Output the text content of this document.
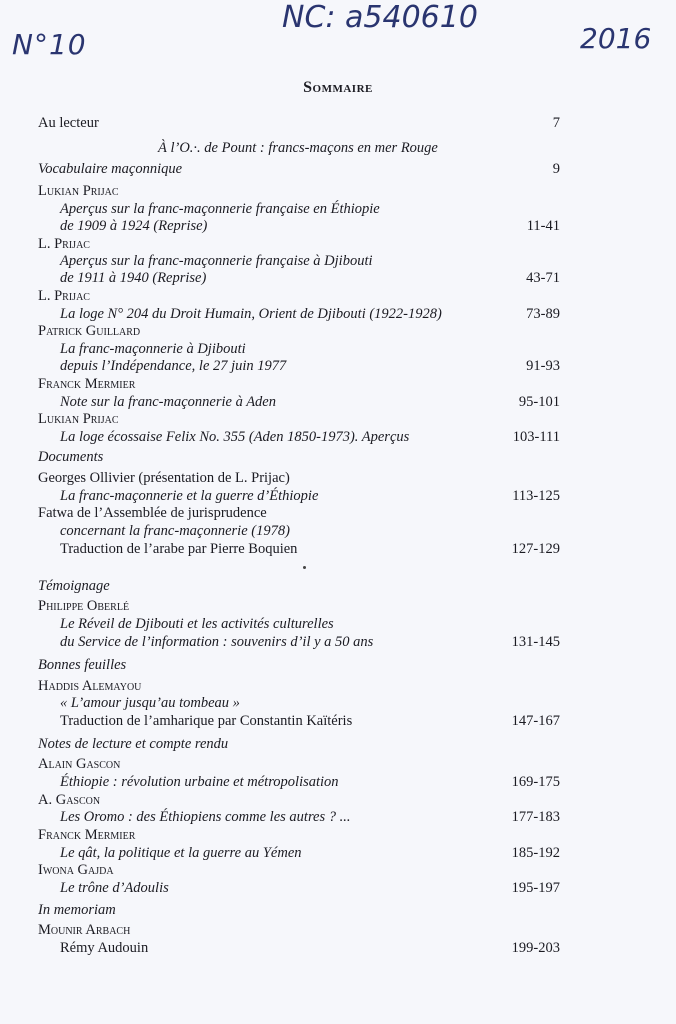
N°10
NC: a540610
2016
Sommaire
Au lecteur	7
À l’O.·. de Pount : francs-maçons en mer Rouge
Vocabulaire maçonnique	9
Lukian Prijac
Aperçus sur la franc-maçonnerie française en Éthiopie
de 1909 à 1924 (Reprise)	11-41
L. Prijac
Aperçus sur la franc-maçonnerie française à Djibouti
de 1911 à 1940 (Reprise)	43-71
L. Prijac
La loge N° 204 du Droit Humain, Orient de Djibouti (1922-1928)	73-89
Patrick Guillard
La franc-maçonnerie à Djibouti
depuis l’Indépendance, le 27 juin 1977	91-93
Franck Mermier
Note sur la franc-maçonnerie à Aden	95-101
Lukian Prijac
La loge écossaise Felix No. 355 (Aden 1850-1973). Aperçus	103-111
Documents
Georges Ollivier (présentation de L. Prijac)
La franc-maçonnerie et la guerre d’Éthiopie	113-125
Fatwa de l’Assemblée de jurisprudence
concernant la franc-maçonnerie (1978)
Traduction de l’arabe par Pierre Boquien	127-129
Témoignage
Philippe Oberlé
Le Réveil de Djibouti et les activités culturelles
du Service de l’information : souvenirs d’il y a 50 ans	131-145
Bonnes feuilles
Haddis Alemayou
« L’amour jusqu’au tombeau »
Traduction de l’amharique par Constantin Kaïtéris	147-167
Notes de lecture et compte rendu
Alain Gascon
Éthiopie : révolution urbaine et métropolisation	169-175
A. Gascon
Les Oromo : des Éthiopiens comme les autres ? ...	177-183
Franck Mermier
Le qât, la politique et la guerre au Yémen	185-192
Iwona Gajda
Le trône d’Adoulis	195-197
In memoriam
Mounir Arbach
Rémy Audouin	199-203
